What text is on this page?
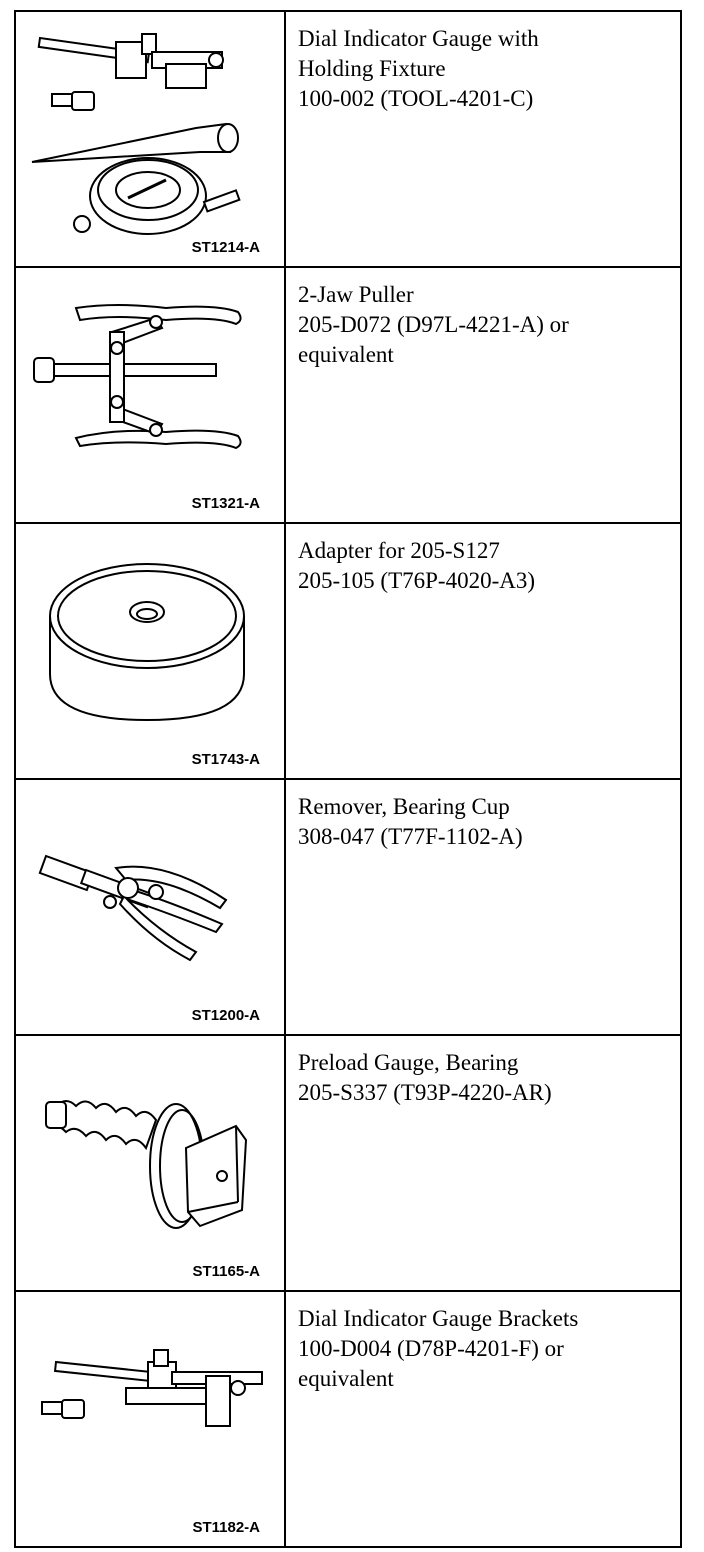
ST1214-A	Dial Indicator Gauge with
Holding Fixture
100-002 (TOOL-4201-C)

ST1321-A	2-Jaw Puller
205-D072 (D97L-4221-A) or
equivalent

ST1743-A	Adapter for 205-S127
205-105 (T76P-4020-A3)

ST1200-A	Remover, Bearing Cup
308-047 (T77F-1102-A)

ST1165-A	Preload Gauge, Bearing
205-S337 (T93P-4220-AR)

ST1182-A	Dial Indicator Gauge Brackets
100-D004 (D78P-4201-F) or
equivalent
